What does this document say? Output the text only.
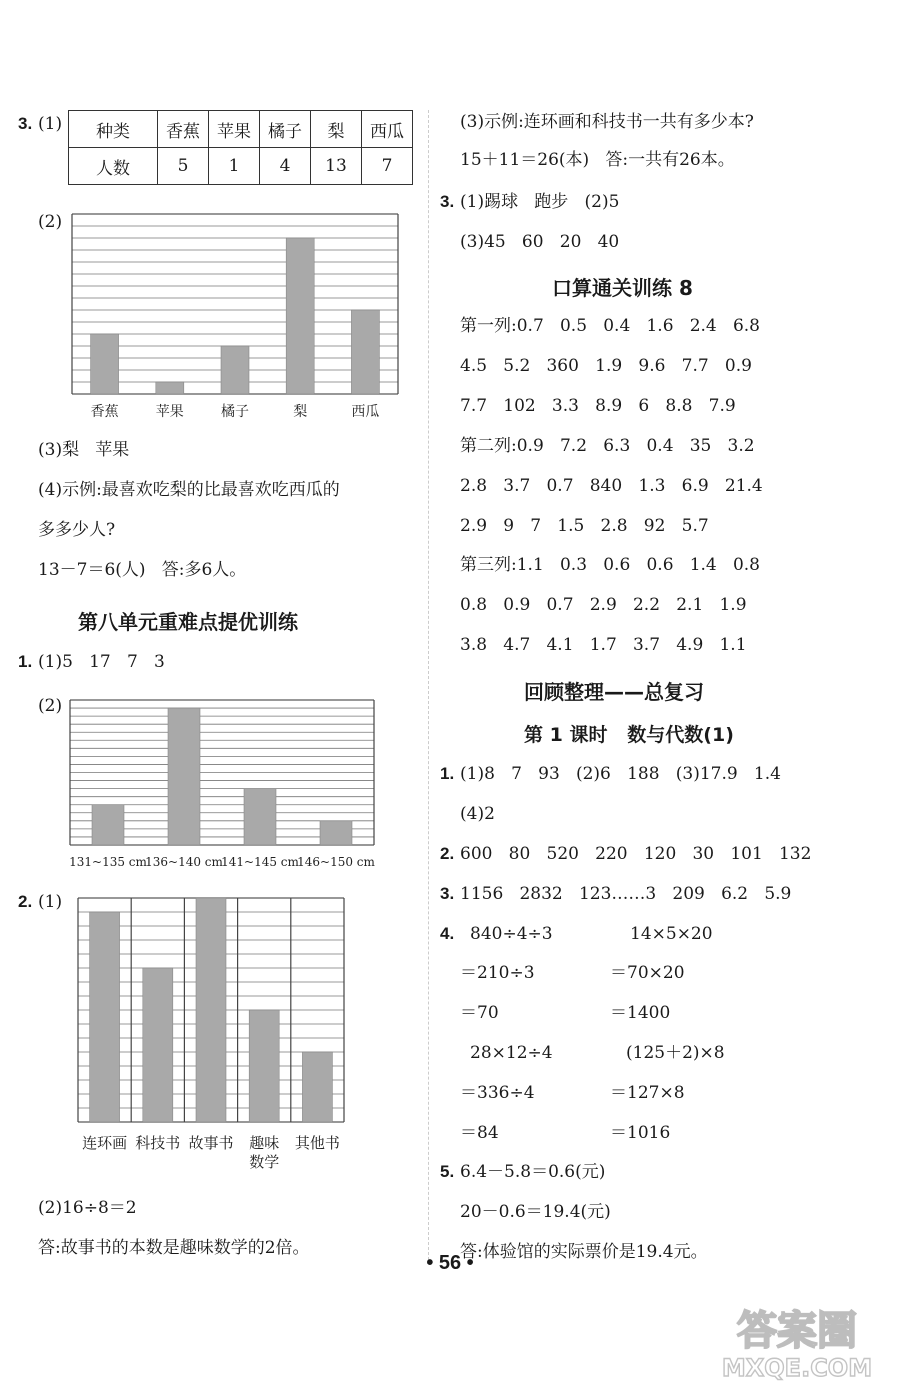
3. (1) 种类	香蕉	苹果	橘子	梨	西瓜
人数	5	1	4	13	7
(2)
香蕉	苹果	橘子	梨	西瓜
(3)梨   苹果
(4)示例:最喜欢吃梨的比最喜欢吃西瓜的
多多少人?
13－7＝6(人)   答:多6人。
第八单元重难点提优训练
1. (1)5   17   7   3
(2)
131~135 cm
136~140 cm
141~145 cm
146~150 cm
2. (1)
连环画 科技书 故事书 趣味数学
其他书
(2)16÷8＝2
答:故事书的本数是趣味数学的2倍。
(3)示例:连环画和科技书一共有多少本?
15＋11＝26(本)   答:一共有26本。
3. (1)踢球   跑步   (2)5
(3)45   60   20   40
口算通关训练 8
第一列:0.7   0.5   0.4   1.6   2.4   6.8
4.5   5.2   360   1.9   9.6   7.7   0.9
7.7   102   3.3   8.9   6   8.8   7.9
第二列:0.9   7.2   6.3   0.4   35   3.2
2.8   3.7   0.7   840   1.3   6.9   21.4
2.9   9   7   1.5   2.8   92   5.7
第三列:1.1   0.3   0.6   0.6   1.4   0.8
0.8   0.9   0.7   2.9   2.2   2.1   1.9
3.8   4.7   4.1   1.7   3.7   4.9   1.1
回顾整理——总复习
第 1 课时   数与代数(1)
1. (1)8   7   93   (2)6   188   (3)17.9   1.4
(4)2
2. 600   80   520   220   120   30   101   132
3. 1156   2832   123……3   209   6.2   5.9
4. 840÷4÷3
＝210÷3
＝70
28×12÷4
＝336÷4
＝84
14×5×20
＝70×20
＝1400
(125＋2)×8
＝127×8
＝1016
5. 6.4－5.8＝0.6(元)
20－0.6＝19.4(元)
答:体验馆的实际票价是19.4元。
• 56 •
答案圈
MXQE.COM
